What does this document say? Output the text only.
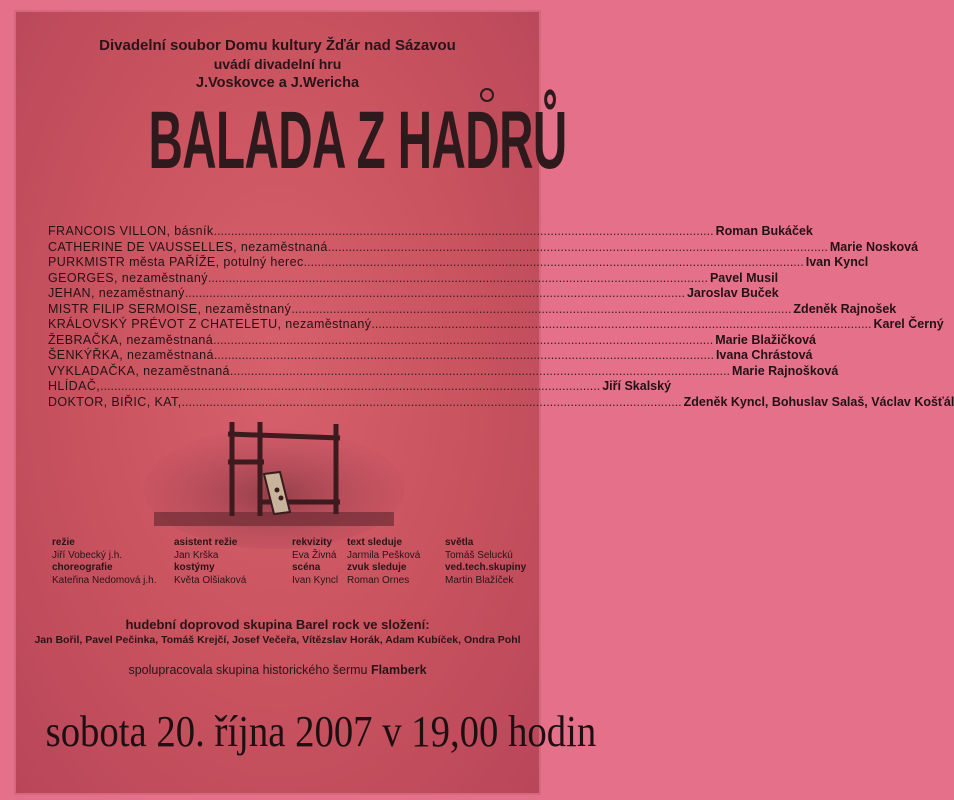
Divadelní soubor Domu kultury Žďár nad Sázavou
uvádí divadelní hru
J.Voskovce a J.Wericha
BALADA Z HADRŮ
FRANCOIS VILLON, básník .....	Roman Bukáček
CATHERINE DE VAUSSELLES, nezaměstnaná .....	Marie Nosková
PURKMISTR města PAŘÍŽE, potulný herec .....	Ivan Kyncl
GEORGES, nezaměstnaný .....	Pavel Musil
JEHAN, nezaměstnaný .....	Jaroslav Buček
MISTR FILIP SERMOISE, nezaměstnaný .....	Zdeněk Rajnošek
KRÁLOVSKÝ PRÉVOT Z CHATELETU, nezaměstnaný .....	Karel Černý
ŽEBRAČKA, nezaměstnaná .....	Marie Blažičková
ŠENKÝŘKA, nezaměstnaná .....	Ivana Chrástová
VYKLADAČKA, nezaměstnaná .....	Marie Rajnošková
HLÍDAČ, .....	Jiří Skalský
DOKTOR, BIŘIC, KAT, .....	Zdeněk Kyncl, Bohuslav Salaš, Václav Košťál
režie
Jiří Vobecký j.h.
choreografie
Kateřina Nedomová j.h.
asistent režie
Jan Krška
kostýmy
Květa Olšiaková
rekvizity
Eva Živná
scéna
Ivan Kyncl
text sleduje
Jarmila Pešková
zvuk sleduje
Roman Ornes
světla
Tomáš Seluckú
ved.tech.skupiny
Martin Blažíček
hudební doprovod skupina Barel rock ve složení:
Jan Bořil, Pavel Pečinka, Tomáš Krejčí, Josef Večeřa, Vítězslav Horák, Adam Kubíček, Ondra Pohl
spolupracovala skupina historického šermu Flamberk
sobota 20. října 2007 v 19,00 hodin
